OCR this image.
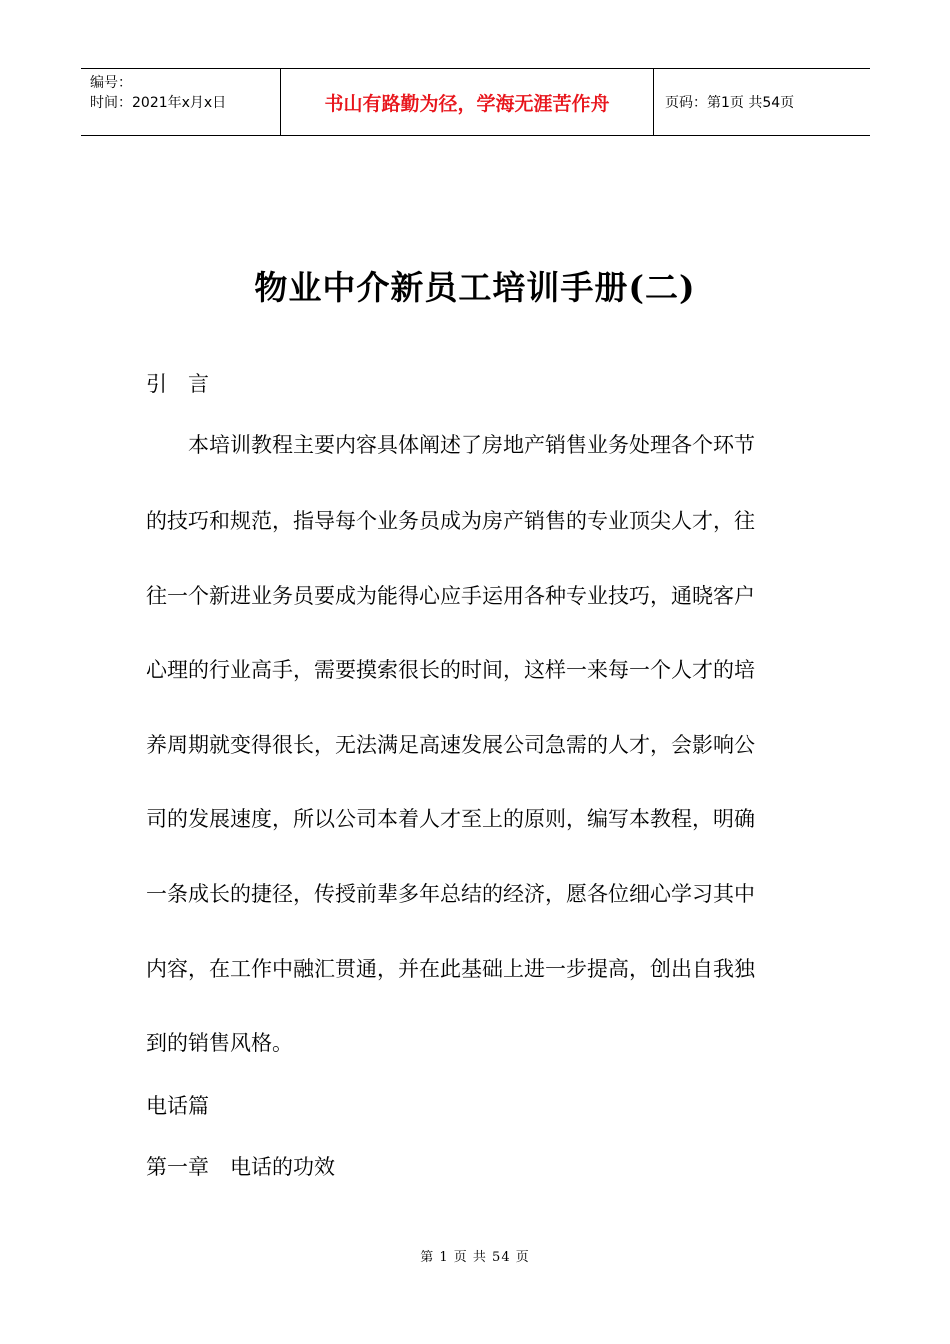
编号：
时间：2021年x月x日	书山有路勤为径，学海无涯苦作舟	页码：第1页 共54页
物业中介新员工培训手册(二)
引　言
　　本培训教程主要内容具体阐述了房地产销售业务处理各个环节
的技巧和规范，指导每个业务员成为房产销售的专业顶尖人才，往
往一个新进业务员要成为能得心应手运用各种专业技巧，通晓客户
心理的行业高手，需要摸索很长的时间，这样一来每一个人才的培
养周期就变得很长，无法满足高速发展公司急需的人才，会影响公
司的发展速度，所以公司本着人才至上的原则，编写本教程，明确
一条成长的捷径，传授前辈多年总结的经济，愿各位细心学习其中
内容，在工作中融汇贯通，并在此基础上进一步提高，创出自我独
到的销售风格。
电话篇
第一章　电话的功效
第 1 页 共 54 页
